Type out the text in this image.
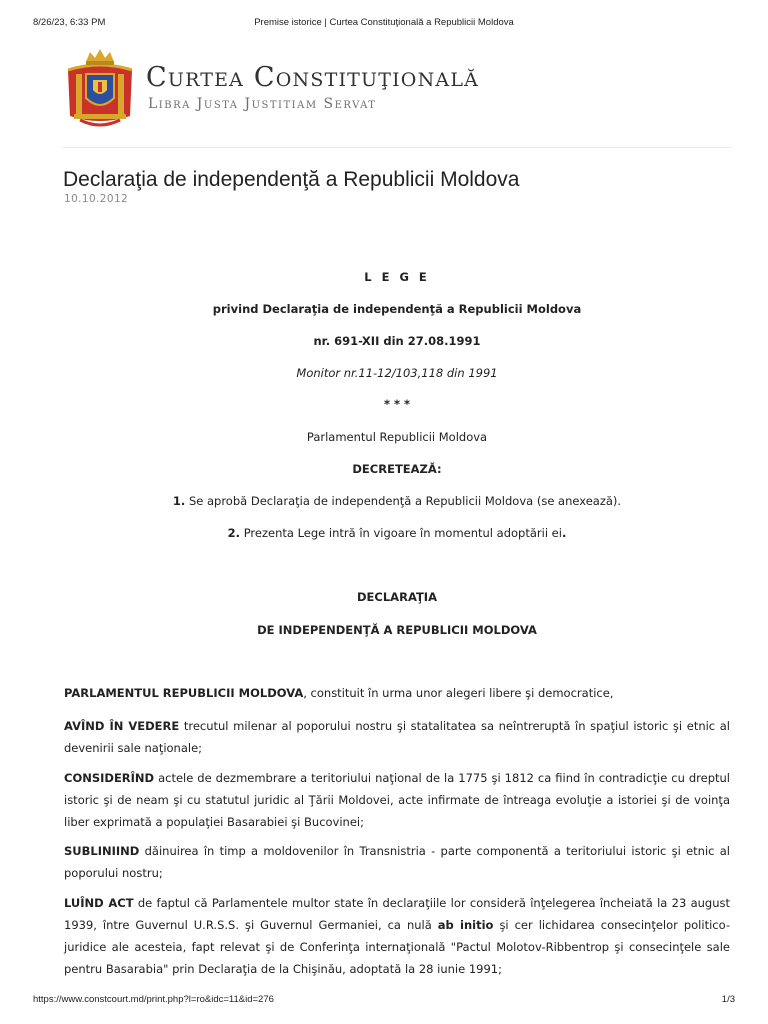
8/26/23, 6:33 PM	Premise istorice | Curtea Constituţională a Republicii Moldova
Curtea Constituţională
Libra Justa Justitiam Servat
Declaraţia de independenţă a Republicii Moldova
10.10.2012
L E G E
privind Declaraţia de independenţă a Republicii Moldova
nr. 691-XII din 27.08.1991
Monitor nr.11-12/103,118 din 1991
* * *
Parlamentul Republicii Moldova
DECRETEAZĂ:
1. Se aprobă Declaraţia de independenţă a Republicii Moldova (se anexează).
2. Prezenta Lege intră în vigoare în momentul adoptării ei.
DECLARAŢIA
DE INDEPENDENŢĂ A REPUBLICII MOLDOVA
PARLAMENTUL REPUBLICII MOLDOVA, constituit în urma unor alegeri libere şi democratice,
AVÎND ÎN VEDERE trecutul milenar al poporului nostru şi statalitatea sa neîntreruptă în spaţiul istoric şi etnic al devenirii sale naţionale;
CONSIDERÎND actele de dezmembrare a teritoriului naţional de la 1775 şi 1812 ca fiind în contradicţie cu dreptul istoric şi de neam şi cu statutul juridic al Ţării Moldovei, acte infirmate de întreaga evoluţie a istoriei şi de voinţa liber exprimată a populaţiei Basarabiei şi Bucovinei;
SUBLINIIND dăinuirea în timp a moldovenilor în Transnistria - parte componentă a teritoriului istoric şi etnic al poporului nostru;
LUÎND ACT de faptul că Parlamentele multor state în declaraţiile lor consideră înţelegerea încheiată la 23 august 1939, între Guvernul U.R.S.S. şi Guvernul Germaniei, ca nulă ab initio şi cer lichidarea consecinţelor politico-juridice ale acesteia, fapt relevat şi de Conferinţa internaţională "Pactul Molotov-Ribbentrop şi consecinţele sale pentru Basarabia" prin Declaraţia de la Chişinău, adoptată la 28 iunie 1991;
https://www.constcourt.md/print.php?l=ro&idc=11&id=276	1/3
